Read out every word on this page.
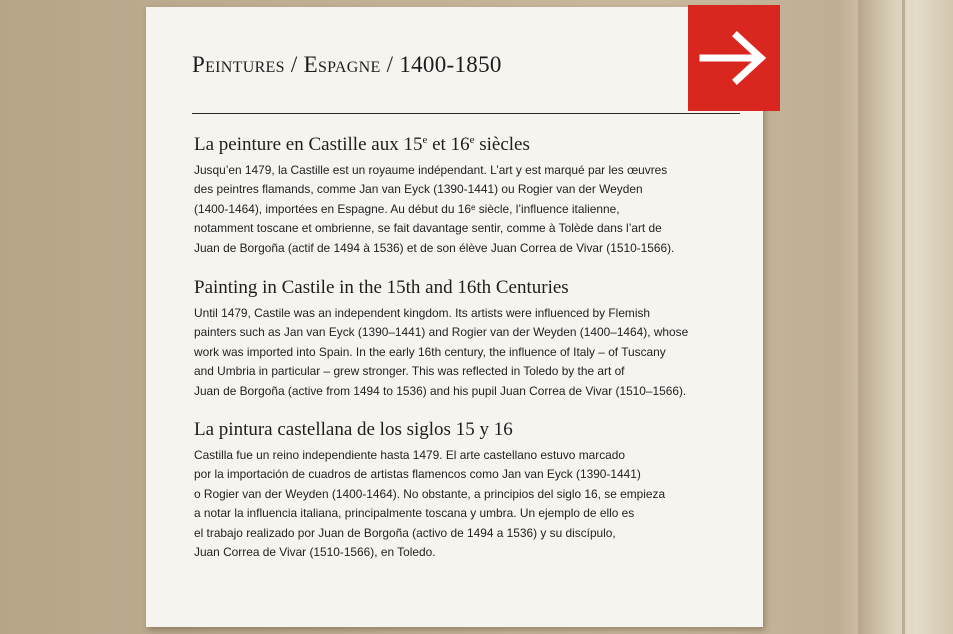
Peintures / Espagne / 1400-1850
La peinture en Castille aux 15e et 16e siècles

Jusqu’en 1479, la Castille est un royaume indépendant. L’art y est marqué par les œuvres
des peintres flamands, comme Jan van Eyck (1390-1441) ou Rogier van der Weyden
(1400-1464), importées en Espagne. Au début du 16ᵉ siècle, l’influence italienne,
notamment toscane et ombrienne, se fait davantage sentir, comme à Tolède dans l’art de
Juan de Borgoña (actif de 1494 à 1536) et de son élève Juan Correa de Vivar (1510-1566).

Painting in Castile in the 15th and 16th Centuries

Until 1479, Castile was an independent kingdom. Its artists were influenced by Flemish
painters such as Jan van Eyck (1390–1441) and Rogier van der Weyden (1400–1464), whose
work was imported into Spain. In the early 16th century, the influence of Italy – of Tuscany
and Umbria in particular – grew stronger. This was reflected in Toledo by the art of
Juan de Borgoña (active from 1494 to 1536) and his pupil Juan Correa de Vivar (1510–1566).

La pintura castellana de los siglos 15 y 16

Castilla fue un reino independiente hasta 1479. El arte castellano estuvo marcado
por la importación de cuadros de artistas flamencos como Jan van Eyck (1390-1441)
o Rogier van der Weyden (1400-1464). No obstante, a principios del siglo 16, se empieza
a notar la influencia italiana, principalmente toscana y umbra. Un ejemplo de ello es
el trabajo realizado por Juan de Borgoña (activo de 1494 a 1536) y su discípulo,
Juan Correa de Vivar (1510-1566), en Toledo.
